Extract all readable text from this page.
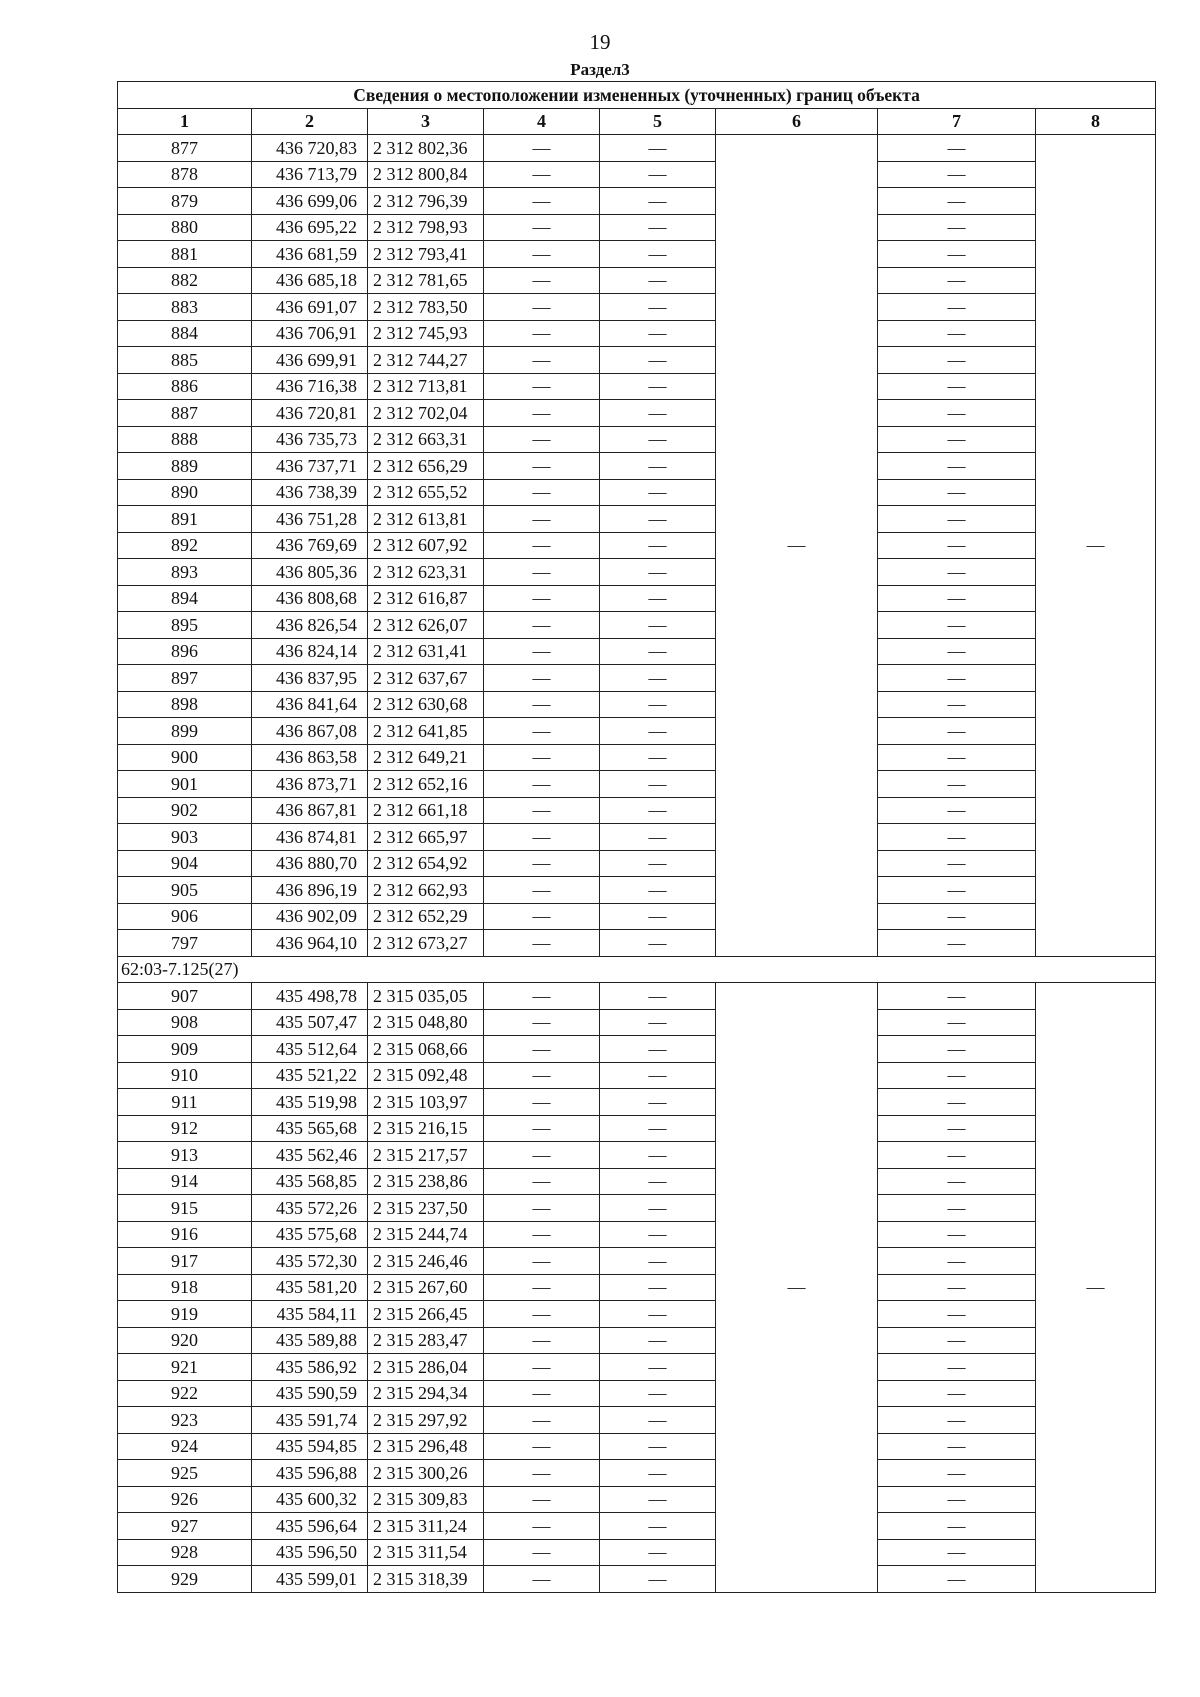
19
Раздел3
Сведения о местоположении измененных (уточненных) границ объекта							
1	2	3	4	5	6	7	8
877	436 720,83	2 312 802,36	—	—	—	—	—
878	436 713,79	2 312 800,84	—	—		—	
879	436 699,06	2 312 796,39	—	—		—	
880	436 695,22	2 312 798,93	—	—		—	
881	436 681,59	2 312 793,41	—	—		—	
882	436 685,18	2 312 781,65	—	—		—	
883	436 691,07	2 312 783,50	—	—		—	
884	436 706,91	2 312 745,93	—	—		—	
885	436 699,91	2 312 744,27	—	—		—	
886	436 716,38	2 312 713,81	—	—		—	
887	436 720,81	2 312 702,04	—	—		—	
888	436 735,73	2 312 663,31	—	—		—	
889	436 737,71	2 312 656,29	—	—		—	
890	436 738,39	2 312 655,52	—	—		—	
891	436 751,28	2 312 613,81	—	—		—	
892	436 769,69	2 312 607,92	—	—		—	
893	436 805,36	2 312 623,31	—	—		—	
894	436 808,68	2 312 616,87	—	—		—	
895	436 826,54	2 312 626,07	—	—		—	
896	436 824,14	2 312 631,41	—	—		—	
897	436 837,95	2 312 637,67	—	—		—	
898	436 841,64	2 312 630,68	—	—		—	
899	436 867,08	2 312 641,85	—	—		—	
900	436 863,58	2 312 649,21	—	—		—	
901	436 873,71	2 312 652,16	—	—		—	
902	436 867,81	2 312 661,18	—	—		—	
903	436 874,81	2 312 665,97	—	—		—	
904	436 880,70	2 312 654,92	—	—		—	
905	436 896,19	2 312 662,93	—	—		—	
906	436 902,09	2 312 652,29	—	—		—	
797	436 964,10	2 312 673,27	—	—		—	
62:03-7.125(27)							
907	435 498,78	2 315 035,05	—	—	—	—	—
908	435 507,47	2 315 048,80	—	—		—	
909	435 512,64	2 315 068,66	—	—		—	
910	435 521,22	2 315 092,48	—	—		—	
911	435 519,98	2 315 103,97	—	—		—	
912	435 565,68	2 315 216,15	—	—		—	
913	435 562,46	2 315 217,57	—	—		—	
914	435 568,85	2 315 238,86	—	—		—	
915	435 572,26	2 315 237,50	—	—		—	
916	435 575,68	2 315 244,74	—	—		—	
917	435 572,30	2 315 246,46	—	—		—	
918	435 581,20	2 315 267,60	—	—		—	
919	435 584,11	2 315 266,45	—	—		—	
920	435 589,88	2 315 283,47	—	—		—	
921	435 586,92	2 315 286,04	—	—		—	
922	435 590,59	2 315 294,34	—	—		—	
923	435 591,74	2 315 297,92	—	—		—	
924	435 594,85	2 315 296,48	—	—		—	
925	435 596,88	2 315 300,26	—	—		—	
926	435 600,32	2 315 309,83	—	—		—	
927	435 596,64	2 315 311,24	—	—		—	
928	435 596,50	2 315 311,54	—	—		—	
929	435 599,01	2 315 318,39	—	—		—	
